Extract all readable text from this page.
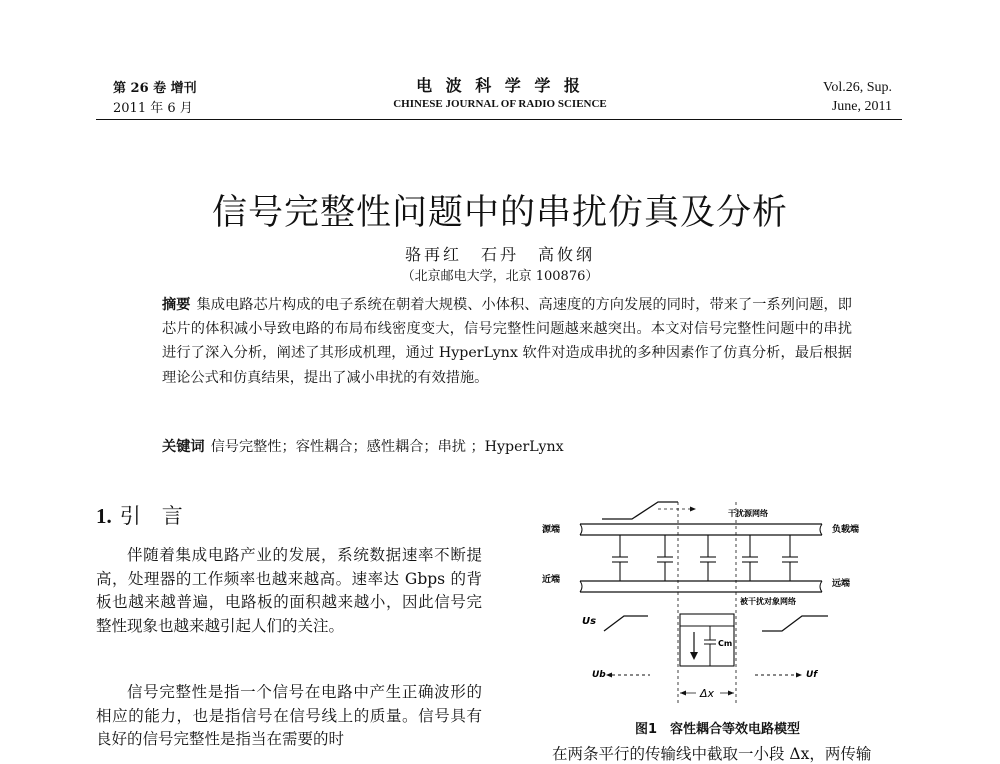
第 26 卷 增刊
2011 年 6 月
电 波 科 学 学 报
CHINESE JOURNAL OF RADIO SCIENCE
Vol.26, Sup.
June, 2011
信号完整性问题中的串扰仿真及分析
骆再红　石丹　高攸纲
（北京邮电大学，北京 100876）
摘要 集成电路芯片构成的电子系统在朝着大规模、小体积、高速度的方向发展的同时，带来了一系列问题，即芯片的体积减小导致电路的布局布线密度变大，信号完整性问题越来越突出。本文对信号完整性问题中的串扰进行了深入分析，阐述了其形成机理，通过 HyperLynx 软件对造成串扰的多种因素作了仿真分析，最后根据理论公式和仿真结果，提出了减小串扰的有效措施。
关键词 信号完整性；容性耦合；感性耦合；串扰 ；HyperLynx
1. 引　言
伴随着集成电路产业的发展，系统数据速率不断提高，处理器的工作频率也越来越高。速率达 Gbps 的背板也越来越普遍，电路板的面积越来越小，因此信号完整性现象也越来越引起人们的关注。
信号完整性是指一个信号在电路中产生正确波形的相应的能力，也是指信号在信号线上的质量。信号具有良好的信号完整性是指当在需要的时
源端	负载端
近端	远端
干扰源网络
被干扰对象网络
Us
Cm
Ub	Uf
Δx
图1　容性耦合等效电路模型
在两条平行的传输线中截取一小段 Δx，两传输
